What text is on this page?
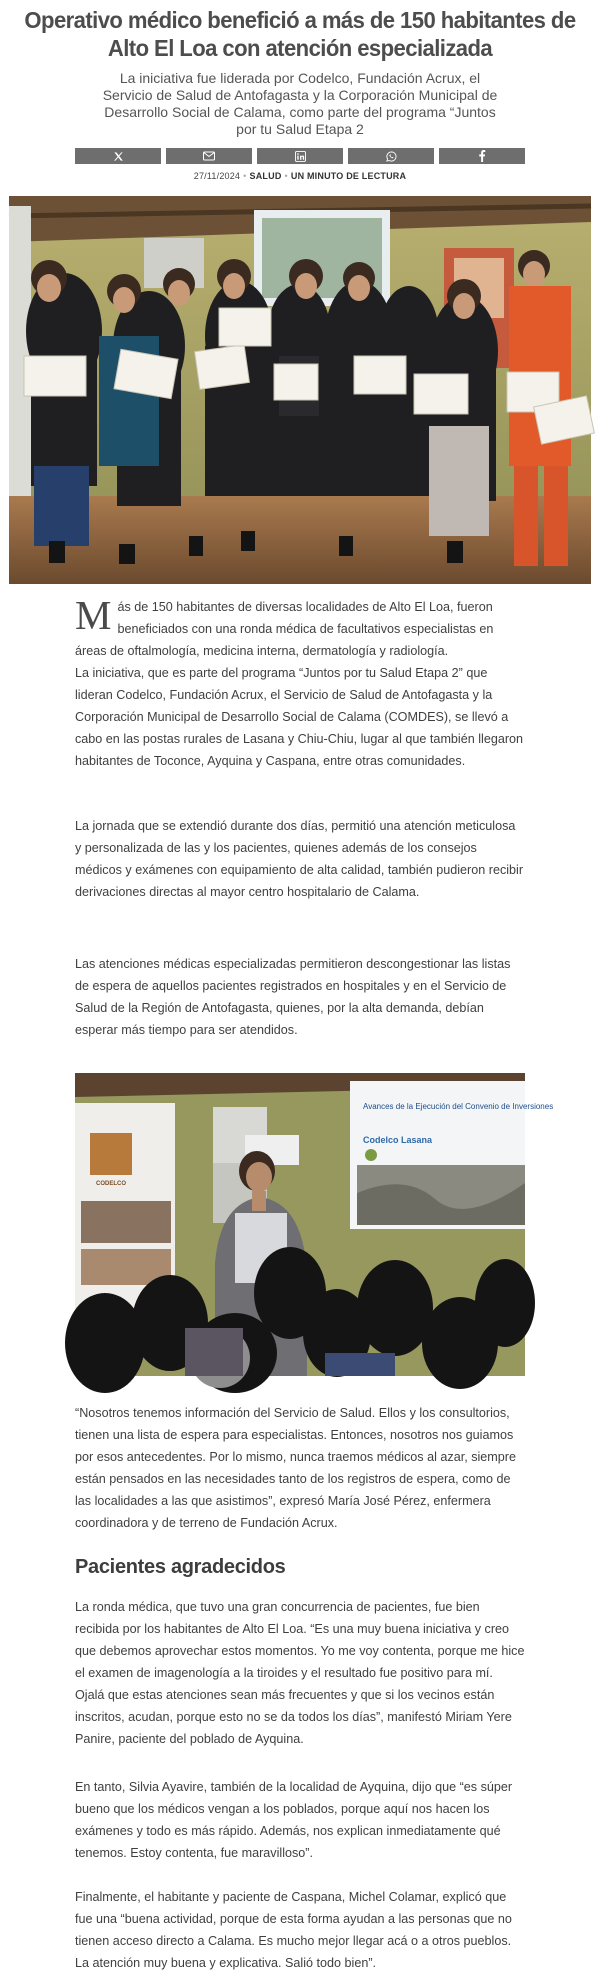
Operativo médico benefició a más de 150 habitantes de Alto El Loa con atención especializada

La iniciativa fue liderada por Codelco, Fundación Acrux, el Servicio de Salud de Antofagasta y la Corporación Municipal de Desarrollo Social de Calama, como parte del programa “Juntos por tu Salud Etapa 2

27/11/2024 • SALUD • UN MINUTO DE LECTURA

Más de 150 habitantes de diversas localidades de Alto El Loa, fueron beneficiados con una ronda médica de facultativos especialistas en áreas de oftalmología, medicina interna, dermatología y radiología.
La iniciativa, que es parte del programa “Juntos por tu Salud Etapa 2” que lideran Codelco, Fundación Acrux, el Servicio de Salud de Antofagasta y la Corporación Municipal de Desarrollo Social de Calama (COMDES), se llevó a cabo en las postas rurales de Lasana y Chiu-Chiu, lugar al que también llegaron habitantes de Toconce, Ayquina y Caspana, entre otras comunidades.

La jornada que se extendió durante dos días, permitió una atención meticulosa y personalizada de las y los pacientes, quienes además de los consejos médicos y exámenes con equipamiento de alta calidad, también pudieron recibir derivaciones directas al mayor centro hospitalario de Calama.

Las atenciones médicas especializadas permitieron descongestionar las listas de espera de aquellos pacientes registrados en hospitales y en el Servicio de Salud de la Región de Antofagasta, quienes, por la alta demanda, debían esperar más tiempo para ser atendidos.

CODELCO
Avances de la Ejecución del Convenio de Inversiones
Codelco Lasana

“Nosotros tenemos información del Servicio de Salud. Ellos y los consultorios, tienen una lista de espera para especialistas. Entonces, nosotros nos guiamos por esos antecedentes. Por lo mismo, nunca traemos médicos al azar, siempre están pensados en las necesidades tanto de los registros de espera, como de las localidades a las que asistimos”, expresó María José Pérez, enfermera coordinadora y de terreno de Fundación Acrux.

Pacientes agradecidos

La ronda médica, que tuvo una gran concurrencia de pacientes, fue bien recibida por los habitantes de Alto El Loa. “Es una muy buena iniciativa y creo que debemos aprovechar estos momentos. Yo me voy contenta, porque me hice el examen de imagenología a la tiroides y el resultado fue positivo para mí. Ojalá que estas atenciones sean más frecuentes y que si los vecinos están inscritos, acudan, porque esto no se da todos los días”, manifestó Miriam Yere Panire, paciente del poblado de Ayquina.

En tanto, Silvia Ayavire, también de la localidad de Ayquina, dijo que “es súper bueno que los médicos vengan a los poblados, porque aquí nos hacen los exámenes y todo es más rápido. Además, nos explican inmediatamente qué tenemos. Estoy contenta, fue maravilloso”.

Finalmente, el habitante y paciente de Caspana, Michel Colamar, explicó que fue una “buena actividad, porque de esta forma ayudan a las personas que no tienen acceso directo a Calama. Es mucho mejor llegar acá o a otros pueblos. La atención muy buena y explicativa. Salió todo bien”.
